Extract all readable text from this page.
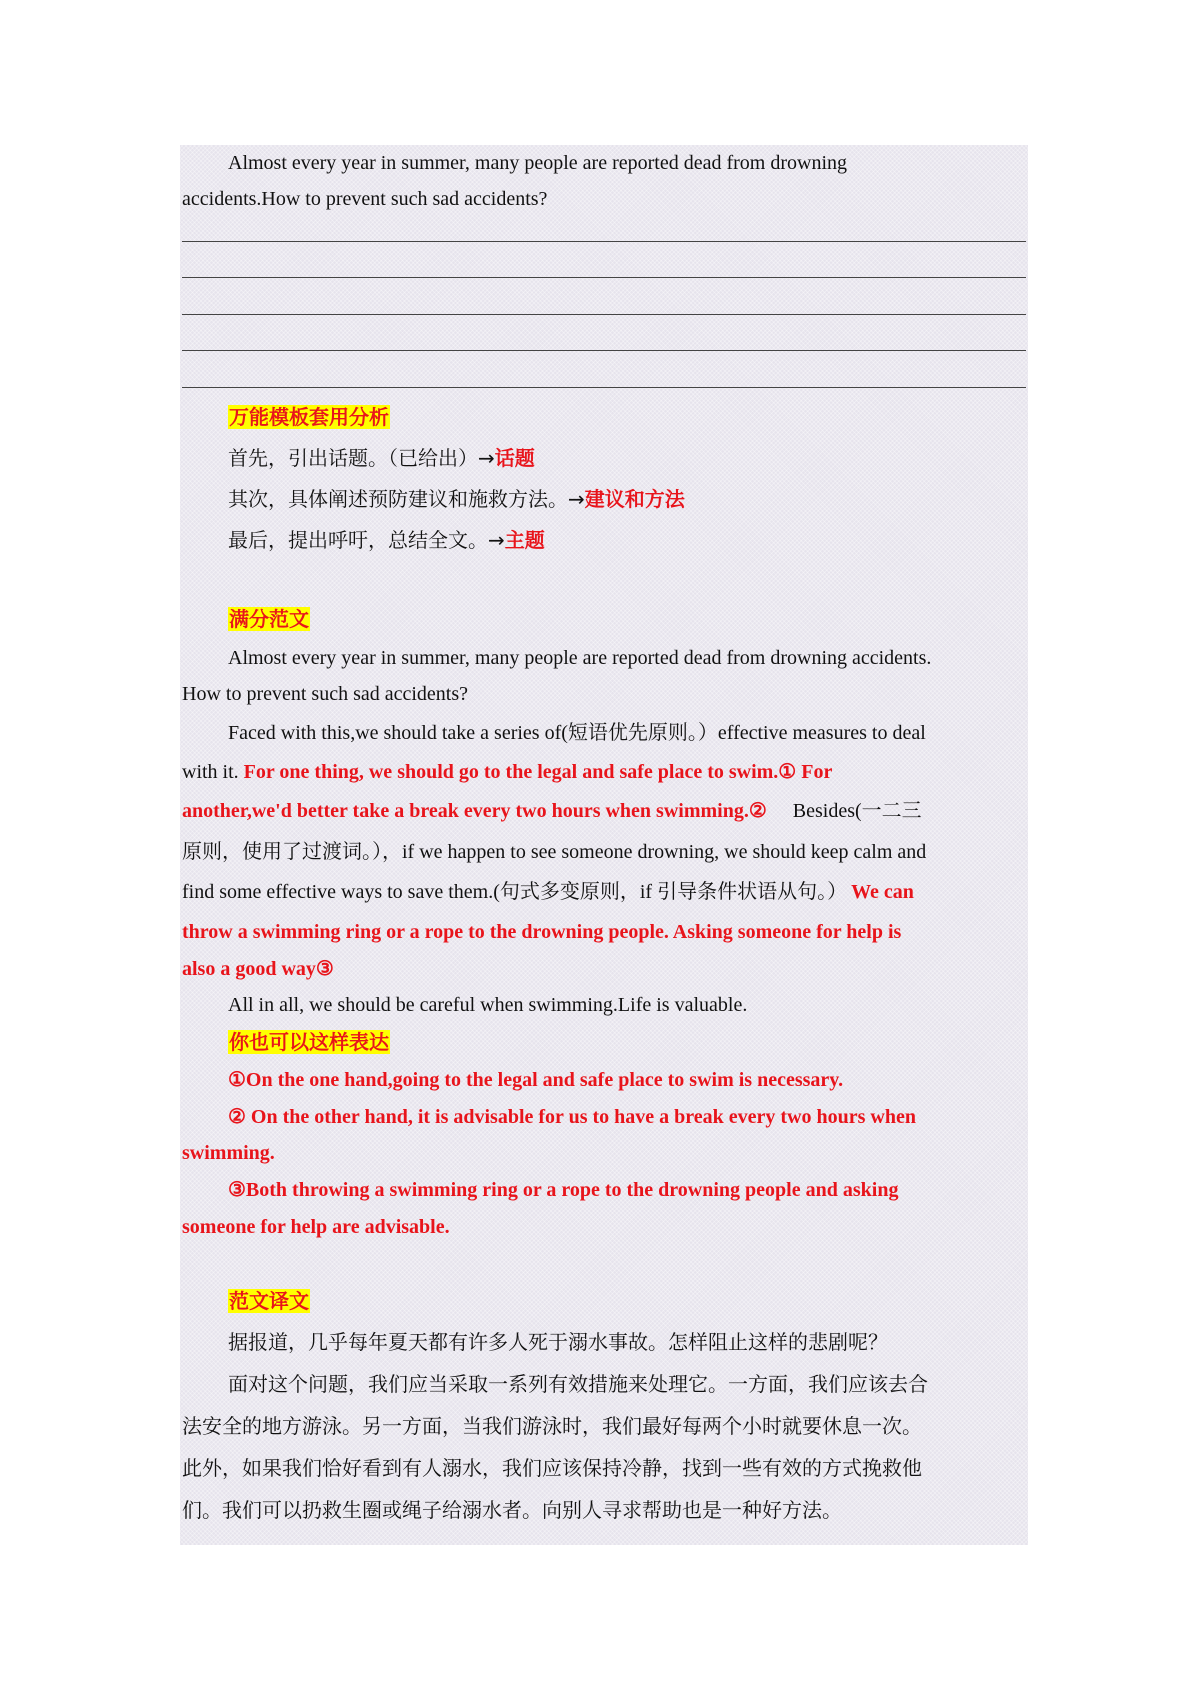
Almost every year in summer, many people are reported dead from drowning
accidents.How to prevent such sad accidents?
万能模板套用分析
首先，引出话题。（已给出）→话题
其次，具体阐述预防建议和施救方法。→建议和方法
最后，提出呼吁，总结全文。→主题
满分范文
Almost every year in summer, many people are reported dead from drowning accidents.
How to prevent such sad accidents?
Faced with this,we should take a series of(短语优先原则。）effective measures to deal
with it. For one thing, we should go to the legal and safe place to swim.① For
another,we'd better take a break every two hours when swimming.② Besides(一二三
原则，使用了过渡词。），if we happen to see someone drowning, we should keep calm and
find some effective ways to save them.(句式多变原则，if 引导条件状语从句。） We can
throw a swimming ring or a rope to the drowning people. Asking someone for help is
also a good way③
All in all, we should be careful when swimming.Life is valuable.
你也可以这样表达
①On the one hand,going to the legal and safe place to swim is necessary.
② On the other hand, it is advisable for us to have a break every two hours when
swimming.
③Both throwing a swimming ring or a rope to the drowning people and asking
someone for help are advisable.
范文译文
据报道，几乎每年夏天都有许多人死于溺水事故。怎样阻止这样的悲剧呢？
面对这个问题，我们应当采取一系列有效措施来处理它。一方面，我们应该去合
法安全的地方游泳。另一方面，当我们游泳时，我们最好每两个小时就要休息一次。
此外，如果我们恰好看到有人溺水，我们应该保持冷静，找到一些有效的方式挽救他
们。我们可以扔救生圈或绳子给溺水者。向别人寻求帮助也是一种好方法。
